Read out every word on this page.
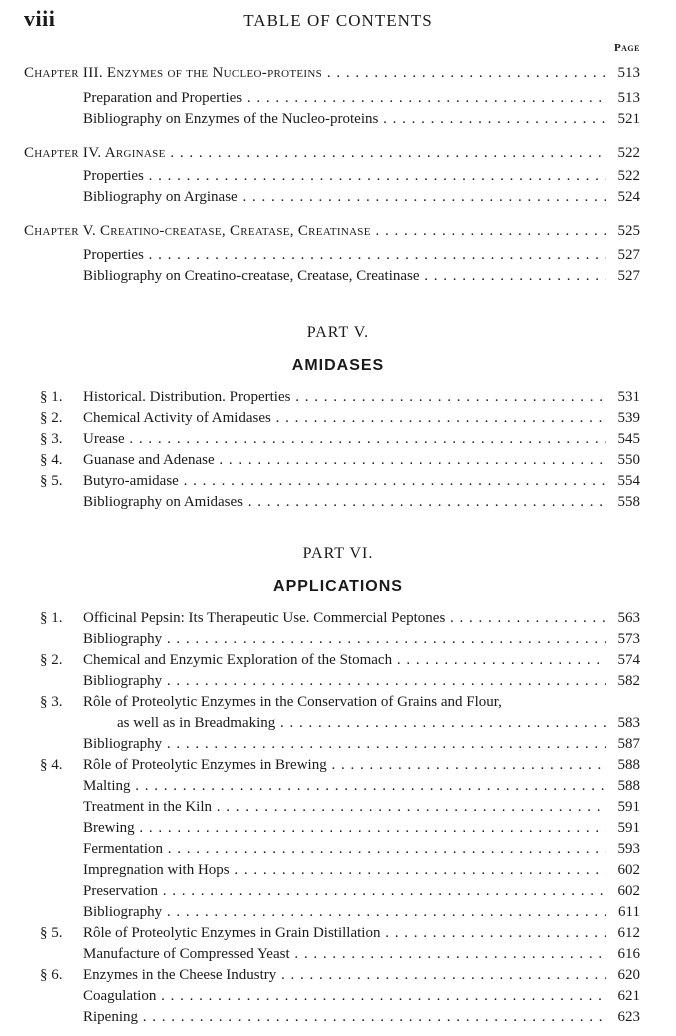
viii	TABLE OF CONTENTS
Page
Chapter III. Enzymes of the Nucleo-proteins . . .	513
Preparation and Properties . . .	513
Bibliography on Enzymes of the Nucleo-proteins . . .	521
Chapter IV. Arginase . . .	522
Properties . . .	522
Bibliography on Arginase . . .	524
Chapter V. Creatino-creatase, Creatase, Creatinase . . .	525
Properties . . .	527
Bibliography on Creatino-creatase, Creatase, Creatinase . . .	527
PART V.
AMIDASES
§ 1. Historical. Distribution. Properties . . .	531
§ 2. Chemical Activity of Amidases . . .	539
§ 3. Urease . . .	545
§ 4. Guanase and Adenase . . .	550
§ 5. Butyro-amidase . . .	554
Bibliography on Amidases . . .	558
PART VI.
APPLICATIONS
§ 1. Officinal Pepsin: Its Therapeutic Use. Commercial Peptones . . .	563
Bibliography . . .	573
§ 2. Chemical and Enzymic Exploration of the Stomach . . .	574
Bibliography . . .	582
§ 3. Rôle of Proteolytic Enzymes in the Conservation of Grains and Flour,
as well as in Breadmaking . . .	583
Bibliography . . .	587
§ 4. Rôle of Proteolytic Enzymes in Brewing . . .	588
Malting . . .	588
Treatment in the Kiln . . .	591
Brewing . . .	591
Fermentation . . .	593
Impregnation with Hops . . .	602
Preservation . . .	602
Bibliography . . .	611
§ 5. Rôle of Proteolytic Enzymes in Grain Distillation . . .	612
Manufacture of Compressed Yeast . . .	616
§ 6. Enzymes in the Cheese Industry . . .	620
Coagulation . . .	621
Ripening . . .	623
